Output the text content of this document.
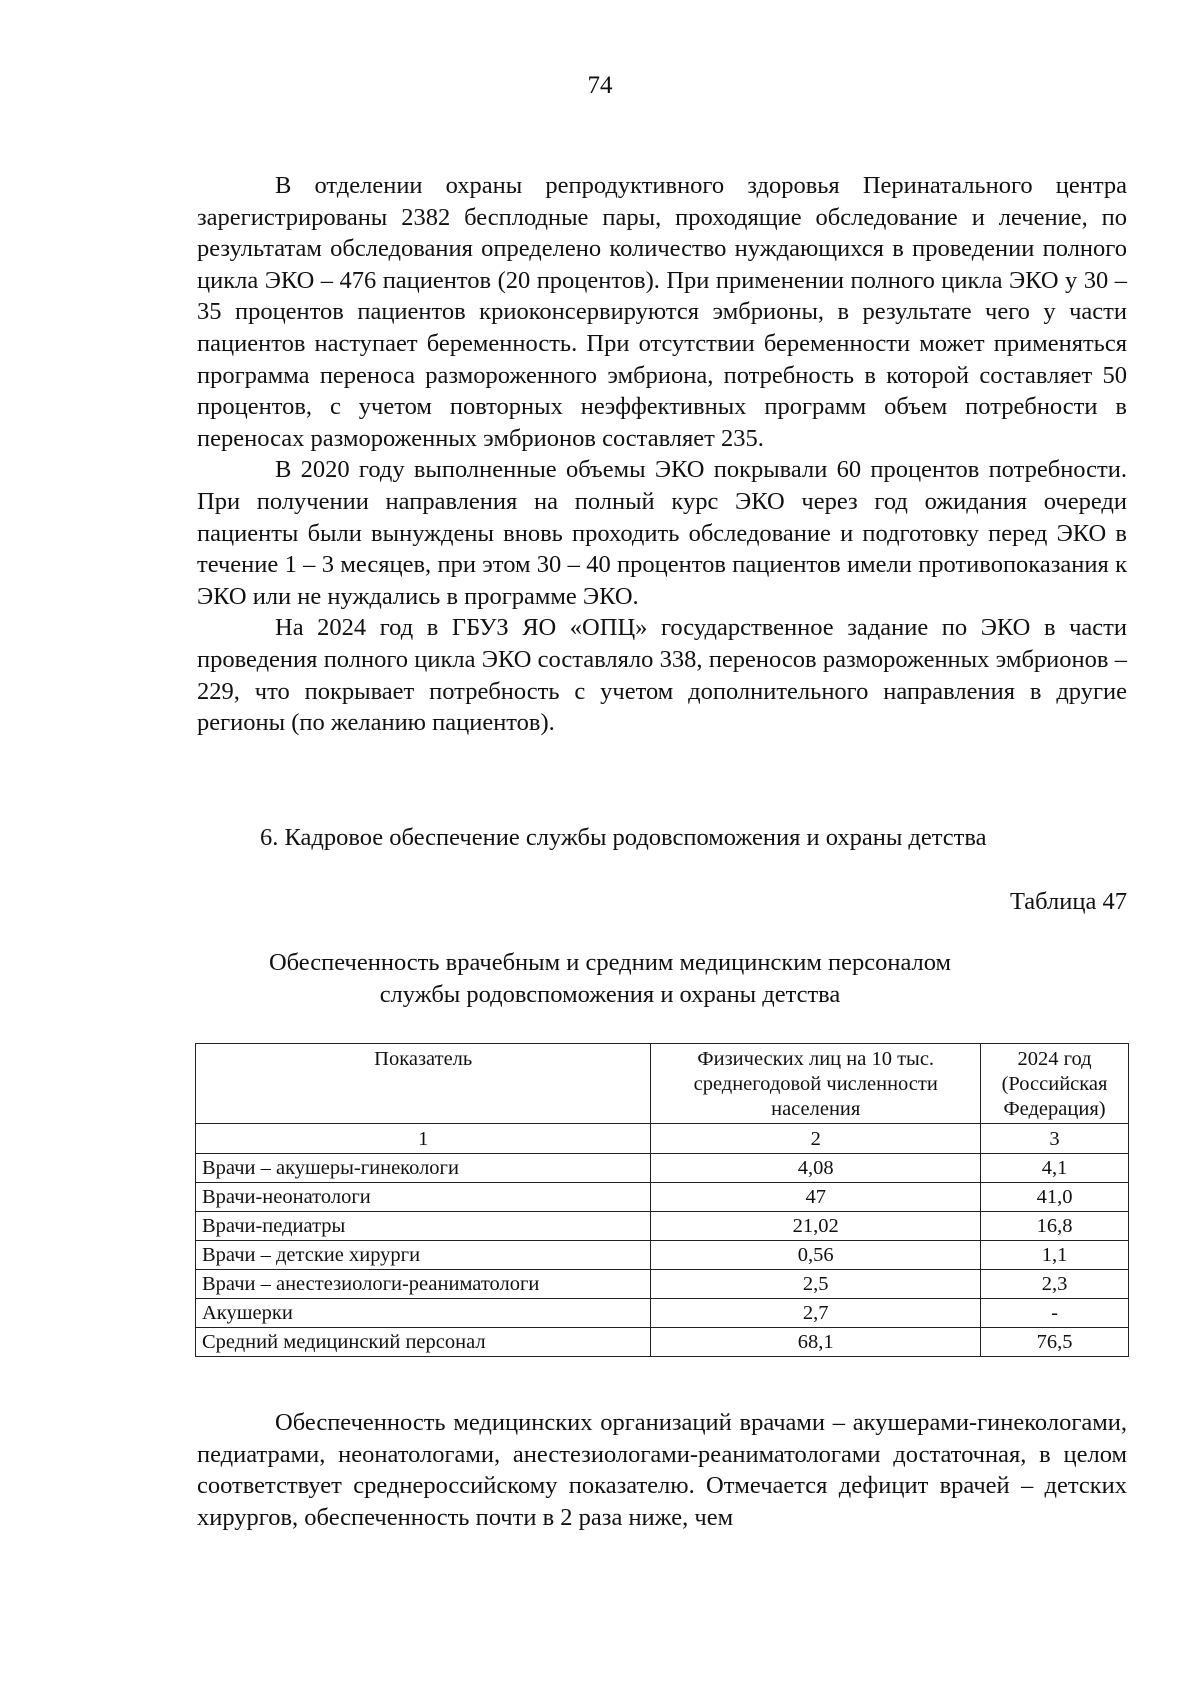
74

В отделении охраны репродуктивного здоровья Перинатального центра зарегистрированы 2382 бесплодные пары, проходящие обследование и лечение, по результатам обследования определено количество нуждающихся в проведении полного цикла ЭКО – 476 пациентов (20 процентов). При применении полного цикла ЭКО у 30 – 35 процентов пациентов криоконсервируются эмбрионы, в результате чего у части пациентов наступает беременность. При отсутствии беременности может применяться программа переноса размороженного эмбриона, потребность в которой составляет 50 процентов, с учетом повторных неэффективных программ объем потребности в переносах размороженных эмбрионов составляет 235.

В 2020 году выполненные объемы ЭКО покрывали 60 процентов потребности. При получении направления на полный курс ЭКО через год ожидания очереди пациенты были вынуждены вновь проходить обследование и подготовку перед ЭКО в течение 1 – 3 месяцев, при этом 30 – 40 процентов пациентов имели противопоказания к ЭКО или не нуждались в программе ЭКО.

На 2024 год в ГБУЗ ЯО «ОПЦ» государственное задание по ЭКО в части проведения полного цикла ЭКО составляло 338, переносов размороженных эмбрионов – 229, что покрывает потребность с учетом дополнительного направления в другие регионы (по желанию пациентов).

6. Кадровое обеспечение службы родовспоможения и охраны детства
Таблица 47
Обеспеченность врачебным и средним медицинским персоналом
службы родовспоможения и охраны детства
Показатель	Физических лиц на 10 тыс. среднегодовой численности населения	2024 год (Российская Федерация)
1	2	3
Врачи – акушеры-гинекологи	4,08	4,1
Врачи-неонатологи	47	41,0
Врачи-педиатры	21,02	16,8
Врачи – детские хирурги	0,56	1,1
Врачи – анестезиологи-реаниматологи	2,5	2,3
Акушерки	2,7	-
Средний медицинский персонал	68,1	76,5

Обеспеченность медицинских организаций врачами – акушерами-гинекологами, педиатрами, неонатологами, анестезиологами-реаниматологами достаточная, в целом соответствует среднероссийскому показателю. Отмечается дефицит врачей – детских хирургов, обеспеченность почти в 2 раза ниже, чем
